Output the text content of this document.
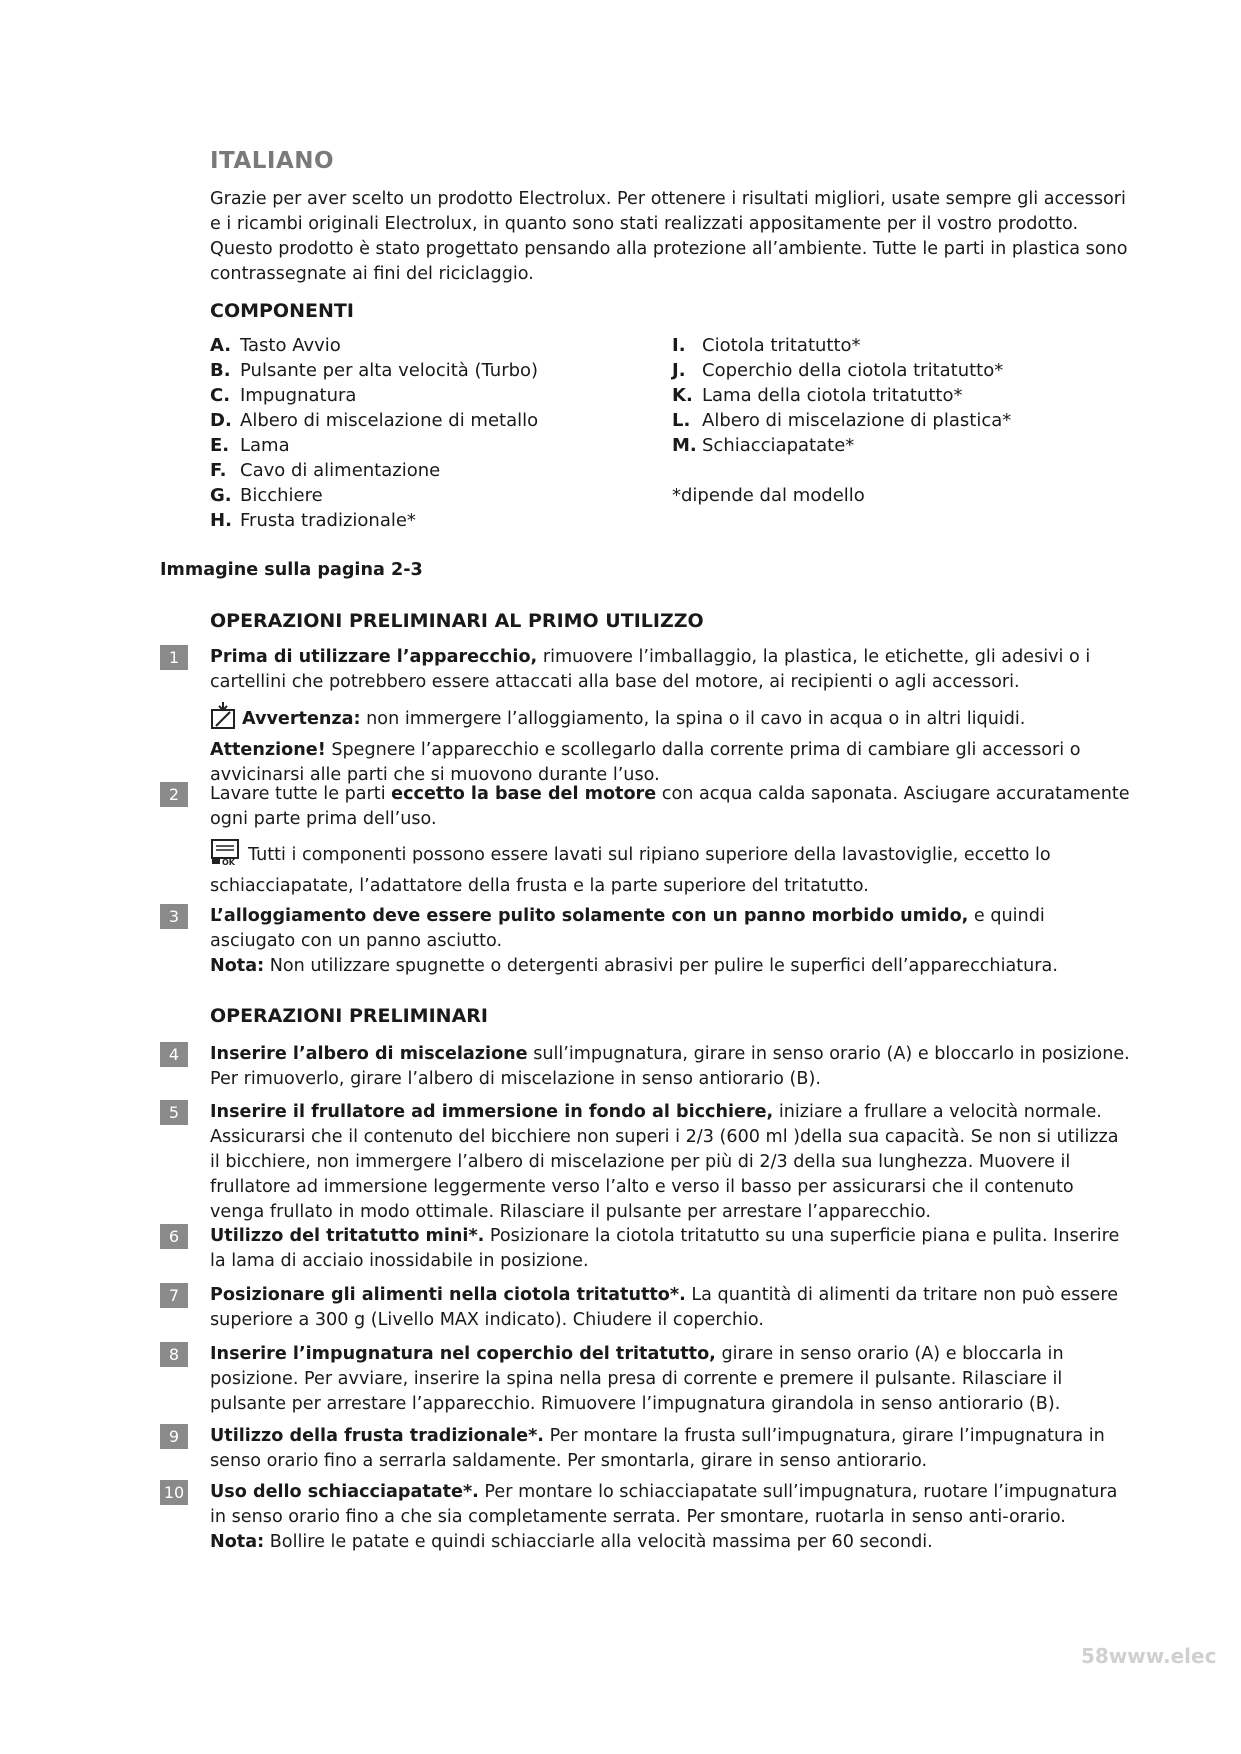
ITALIANO
Grazie per aver scelto un prodotto Electrolux. Per ottenere i risultati migliori, usate sempre gli accessori
e i ricambi originali Electrolux, in quanto sono stati realizzati appositamente per il vostro prodotto.
Questo prodotto è stato progettato pensando alla protezione all’ambiente. Tutte le parti in plastica sono
contrassegnate ai fini del riciclaggio.
COMPONENTI
A. Tasto Avvio
B. Pulsante per alta velocità (Turbo)
C. Impugnatura
D. Albero di miscelazione di metallo
E. Lama
F. Cavo di alimentazione
G. Bicchiere
H. Frusta tradizionale*
I. Ciotola tritatutto*
J. Coperchio della ciotola tritatutto*
K. Lama della ciotola tritatutto*
L. Albero di miscelazione di plastica*
M. Schiacciapatate*
*dipende dal modello
Immagine sulla pagina 2-3
OPERAZIONI PRELIMINARI AL PRIMO UTILIZZO
1	Prima di utilizzare l’apparecchio, rimuovere l’imballaggio, la plastica, le etichette, gli adesivi o i cartellini che potrebbero essere attaccati alla base del motore, ai recipienti o agli accessori.
Avvertenza: non immergere l’alloggiamento, la spina o il cavo in acqua o in altri liquidi.
Attenzione! Spegnere l’apparecchio e scollegarlo dalla corrente prima di cambiare gli accessori o avvicinarsi alle parti che si muovono durante l’uso.
2	Lavare tutte le parti eccetto la base del motore con acqua calda saponata. Asciugare accuratamente ogni parte prima dell’uso.
OK Tutti i componenti possono essere lavati sul ripiano superiore della lavastoviglie, eccetto lo schiacciapatate, l’adattatore della frusta e la parte superiore del tritatutto.
3	L’alloggiamento deve essere pulito solamente con un panno morbido umido, e quindi asciugato con un panno asciutto.
Nota: Non utilizzare spugnette o detergenti abrasivi per pulire le superfici dell’apparecchiatura.
OPERAZIONI PRELIMINARI
4	Inserire l’albero di miscelazione sull’impugnatura, girare in senso orario (A) e bloccarlo in posizione. Per rimuoverlo, girare l’albero di miscelazione in senso antiorario (B).
5	Inserire il frullatore ad immersione in fondo al bicchiere, iniziare a frullare a velocità normale. Assicurarsi che il contenuto del bicchiere non superi i 2/3 (600 ml )della sua capacità. Se non si utilizza il bicchiere, non immergere l’albero di miscelazione per più di 2/3 della sua lunghezza. Muovere il frullatore ad immersione leggermente verso l’alto e verso il basso per assicurarsi che il contenuto venga frullato in modo ottimale. Rilasciare il pulsante per arrestare l’apparecchio.
6	Utilizzo del tritatutto mini*. Posizionare la ciotola tritatutto su una superficie piana e pulita. Inserire la lama di acciaio inossidabile in posizione.
7	Posizionare gli alimenti nella ciotola tritatutto*. La quantità di alimenti da tritare non può essere superiore a 300 g (Livello MAX indicato). Chiudere il coperchio.
8	Inserire l’impugnatura nel coperchio del tritatutto, girare in senso orario (A) e bloccarla in posizione. Per avviare, inserire la spina nella presa di corrente e premere il pulsante. Rilasciare il pulsante per arrestare l’apparecchio. Rimuovere l’impugnatura girandola in senso antiorario (B).
9	Utilizzo della frusta tradizionale*. Per montare la frusta sull’impugnatura, girare l’impugnatura in senso orario fino a serrarla saldamente. Per smontarla, girare in senso antiorario.
10 Uso dello schiacciapatate*. Per montare lo schiacciapatate sull’impugnatura, ruotare l’impugnatura in senso orario fino a che sia completamente serrata. Per smontare, ruotarla in senso anti-orario.
Nota: Bollire le patate e quindi schiacciarle alla velocità massima per 60 secondi.
58www.elec
